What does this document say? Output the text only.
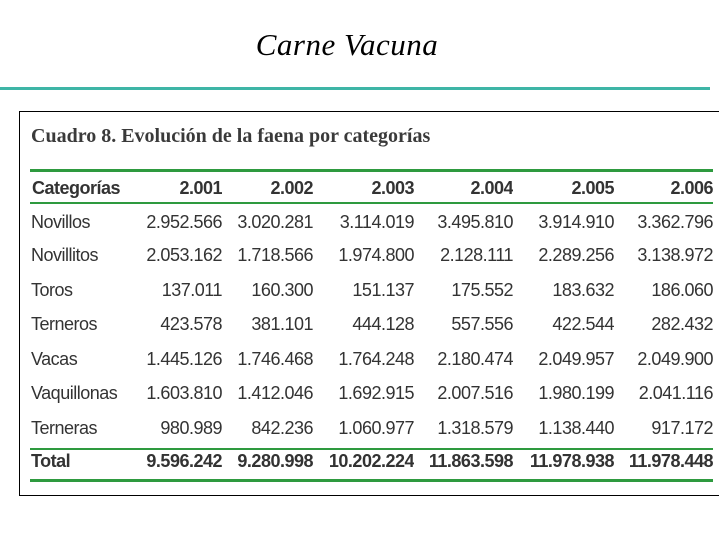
Carne Vacuna
Cuadro 8. Evolución de la faena por categorías
Categorías	2.001	2.002	2.003	2.004	2.005	2.006
Novillos	2.952.566	3.020.281	3.114.019	3.495.810	3.914.910	3.362.796
Novillitos	2.053.162	1.718.566	1.974.800	2.128.111	2.289.256	3.138.972
Toros	137.011	160.300	151.137	175.552	183.632	186.060
Terneros	423.578	381.101	444.128	557.556	422.544	282.432
Vacas	1.445.126	1.746.468	1.764.248	2.180.474	2.049.957	2.049.900
Vaquillonas	1.603.810	1.412.046	1.692.915	2.007.516	1.980.199	2.041.116
Terneras	980.989	842.236	1.060.977	1.318.579	1.138.440	917.172
Total	9.596.242	9.280.998	10.202.224	11.863.598	11.978.938	11.978.448
